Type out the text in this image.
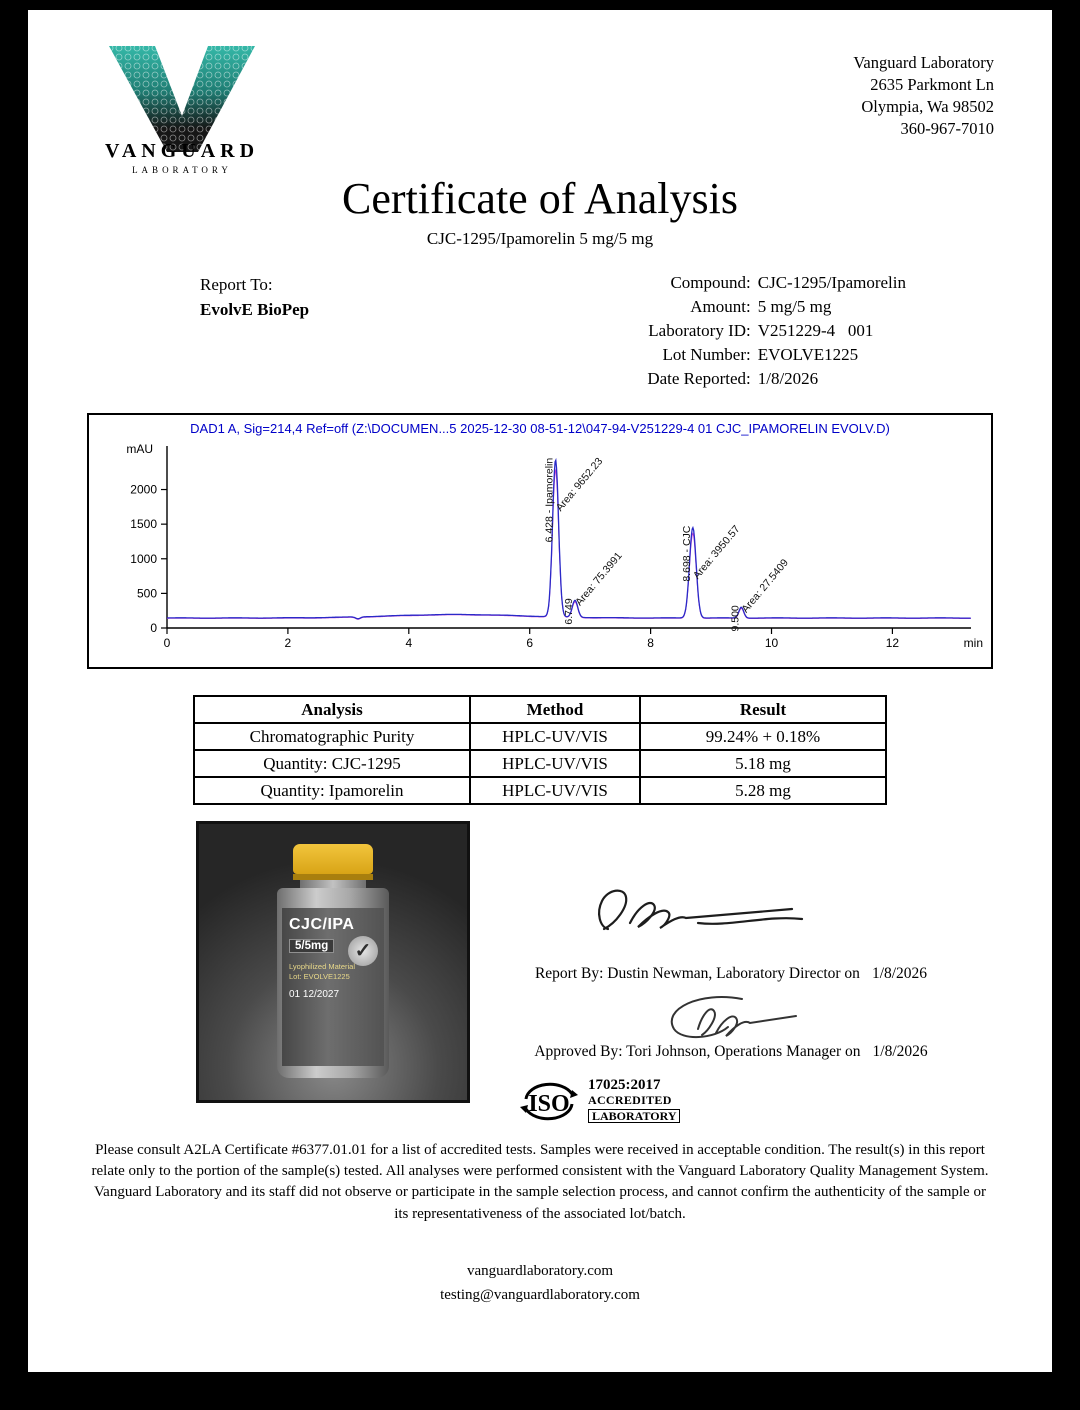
VANGUARD
LABORATORY
Vanguard Laboratory
2635 Parkmont Ln
Olympia, Wa 98502
360-967-7010
Certificate of Analysis
CJC-1295/Ipamorelin 5 mg/5 mg
Report To:
EvolvE BioPep
Compound: CJC-1295/Ipamorelin
Amount: 5 mg/5 mg
Laboratory ID: V251229-4   001
Lot Number: EVOLVE1225
Date Reported: 1/8/2026
DAD1 A, Sig=214,4 Ref=off (Z:\DOCUMEN...5 2025-12-30 08-51-12\047-94-V251229-4 01 CJC_IPAMORELIN EVOLV.D)
0
500
1000
1500
2000
0	2	4	6	8	10	12
mAU
min
6.428 - Ipamorelin
Area: 9652.23
6.749
Area: 75.3991	8.698 - CJC
Area: 3950.57
9.500
Area: 27.5409
Analysis	Method	Result
Chromatographic Purity	HPLC-UV/VIS	99.24% + 0.18%
Quantity: CJC-1295	HPLC-UV/VIS	5.18 mg
Quantity: Ipamorelin	HPLC-UV/VIS	5.28 mg
CJC/IPA
5/5mg	✓
Lyophilized Material
Lot: EVOLVE1225
01 12/2027
Report By: Dustin Newman, Laboratory Director on 1/8/2026
Approved By: Tori Johnson, Operations Manager on 1/8/2026
ISO
17025:2017
ACCREDITED
LABORATORY

Please consult A2LA Certificate #6377.01.01 for a list of accredited tests. Samples were received in acceptable condition. The result(s) in this report relate only to the portion of the sample(s) tested. All analyses were performed consistent with the Vanguard Laboratory Quality Management System. Vanguard Laboratory and its staff did not observe or participate in the sample selection process, and cannot confirm the authenticity of the sample or its representativeness of the associated lot/batch.

vanguardlaboratory.com
testing@vanguardlaboratory.com
